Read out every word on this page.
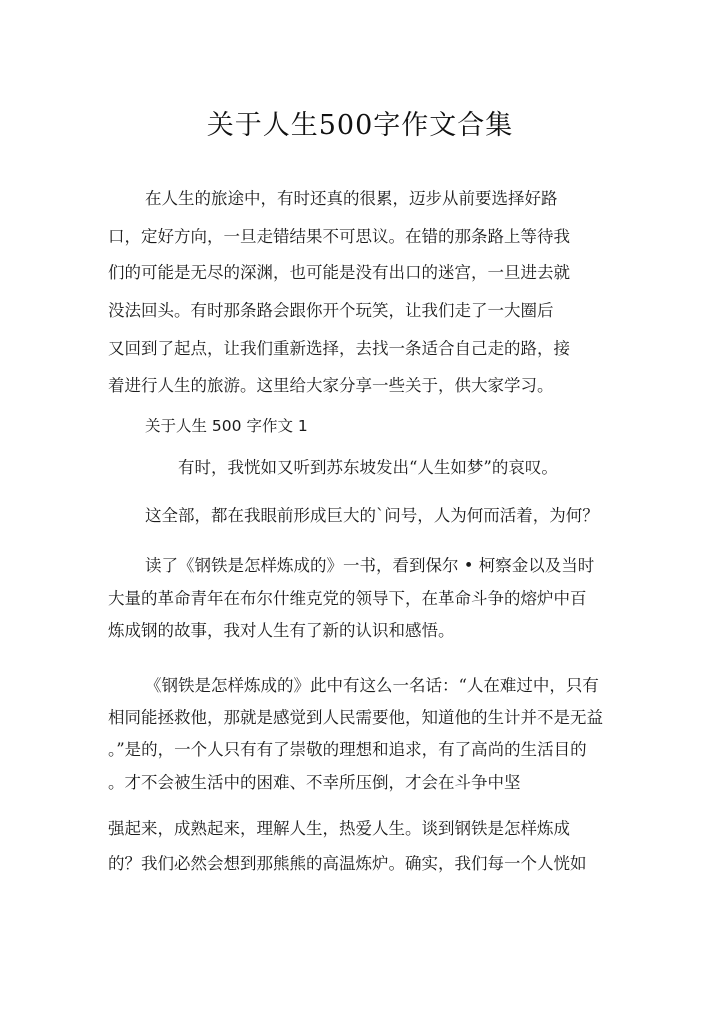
关于人生500字作文合集
在人生的旅途中，有时还真的很累，迈步从前要选择好路
口，定好方向，一旦走错结果不可思议。在错的那条路上等待我
们的可能是无尽的深渊，也可能是没有出口的迷宫，一旦进去就
没法回头。有时那条路会跟你开个玩笑，让我们走了一大圈后
又回到了起点，让我们重新选择，去找一条适合自己走的路，接
着进行人生的旅游。这里给大家分享一些关于，供大家学习。
关于人生 500 字作文 1
有时，我恍如又听到苏东坡发出“人生如梦”的哀叹。
这全部，都在我眼前形成巨大的`问号，人为何而活着，为何？
读了《钢铁是怎样炼成的》一书，看到保尔 • 柯察金以及当时
大量的革命青年在布尔什维克党的领导下，在革命斗争的熔炉中百
炼成钢的故事，我对人生有了新的认识和感悟。
《钢铁是怎样炼成的》此中有这么一名话：“人在难过中，只有
相同能拯救他，那就是感觉到人民需要他，知道他的生计并不是无益
。”是的，一个人只有有了崇敬的理想和追求，有了高尚的生活目的
。才不会被生活中的困难、不幸所压倒，才会在斗争中坚
强起来，成熟起来，理解人生，热爱人生。谈到钢铁是怎样炼成
的？我们必然会想到那熊熊的高温炼炉。确实，我们每一个人恍如
